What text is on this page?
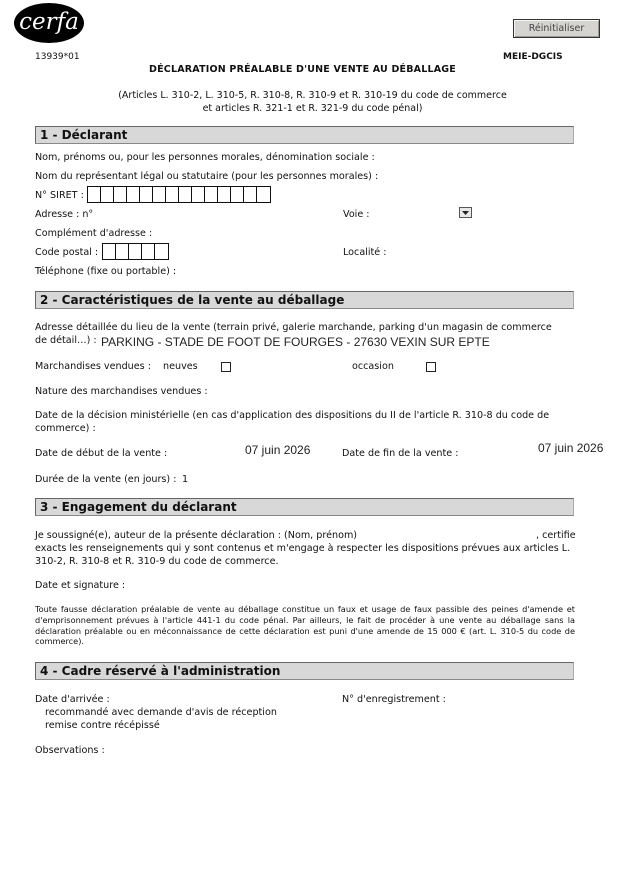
cerfa	Réinitialiser
13939*01	MEIE-DGCIS
DÉCLARATION PRÉALABLE D'UNE VENTE AU DÉBALLAGE
(Articles L. 310-2, L. 310-5, R. 310-8, R. 310-9 et R. 310-19 du code de commerce
et articles R. 321-1 et R. 321-9 du code pénal)
1 - Déclarant
Nom, prénoms ou, pour les personnes morales, dénomination sociale :
Nom du représentant légal ou statutaire (pour les personnes morales) :
N° SIRET :
Adresse : n°	Voie :
Complément d'adresse :
Code postal :	Localité :
Téléphone (fixe ou portable) :
2 - Caractéristiques de la vente au déballage
Adresse détaillée du lieu de la vente (terrain privé, galerie marchande, parking d'un magasin de commerce
de détail…) : PARKING - STADE DE FOOT DE FOURGES - 27630 VEXIN SUR EPTE
Marchandises vendues : neuves	occasion
Nature des marchandises vendues :
Date de la décision ministérielle (en cas d'application des dispositions du II de l'article R. 310-8 du code de
commerce) :
Date de début de la vente :	07 juin 2026	Date de fin de la vente :	07 juin 2026
Durée de la vente (en jours) : 1
3 - Engagement du déclarant
Je soussigné(e), auteur de la présente déclaration : (Nom, prénom)	, certifie
exacts les renseignements qui y sont contenus et m'engage à respecter les dispositions prévues aux articles L.
310-2, R. 310-8 et R. 310-9 du code de commerce.
Date et signature :
Toute fausse déclaration préalable de vente au déballage constitue un faux et usage de faux passible des peines d'amende et d'emprisonnement prévues à l'article 441-1 du code pénal. Par ailleurs, le fait de procéder à une vente au déballage sans la déclaration préalable ou en méconnaissance de cette déclaration est puni d'une amende de 15 000 € (art. L. 310-5 du code de commerce).
4 - Cadre réservé à l'administration
Date d'arrivée :
recommandé avec demande d'avis de réception
remise contre récépissé
N° d'enregistrement :
Observations :
